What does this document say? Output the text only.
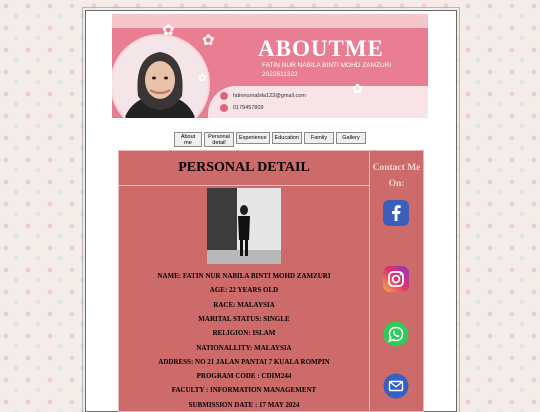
✿
✿
✿
✿
ABOUTME
FATIN NUR NABILA BINTI MOHD ZAMZURI
2022611322
fatinnurnabila123@gmail.com
0179457809
About me
Personal detail
Experience	Education	Family	Gallery
PERSONAL DETAIL
NAME: FATIN NUR NABILA BINTI MOHD ZAMZURI
AGE: 22 YEARS OLD
RACE: MALAYSIA
MARITAL STATUS: SINGLE
RELIGION: ISLAM
NATIONALLITY: MALAYSIA
ADDRESS: NO 21 JALAN PANTAI 7 KUALA ROMPIN
PROGRAM CODE : CDIM244
FACULTY : INFORMATION MANAGEMENT
SUBMISSION DATE : 17 MAY 2024
Contact Me
On:
